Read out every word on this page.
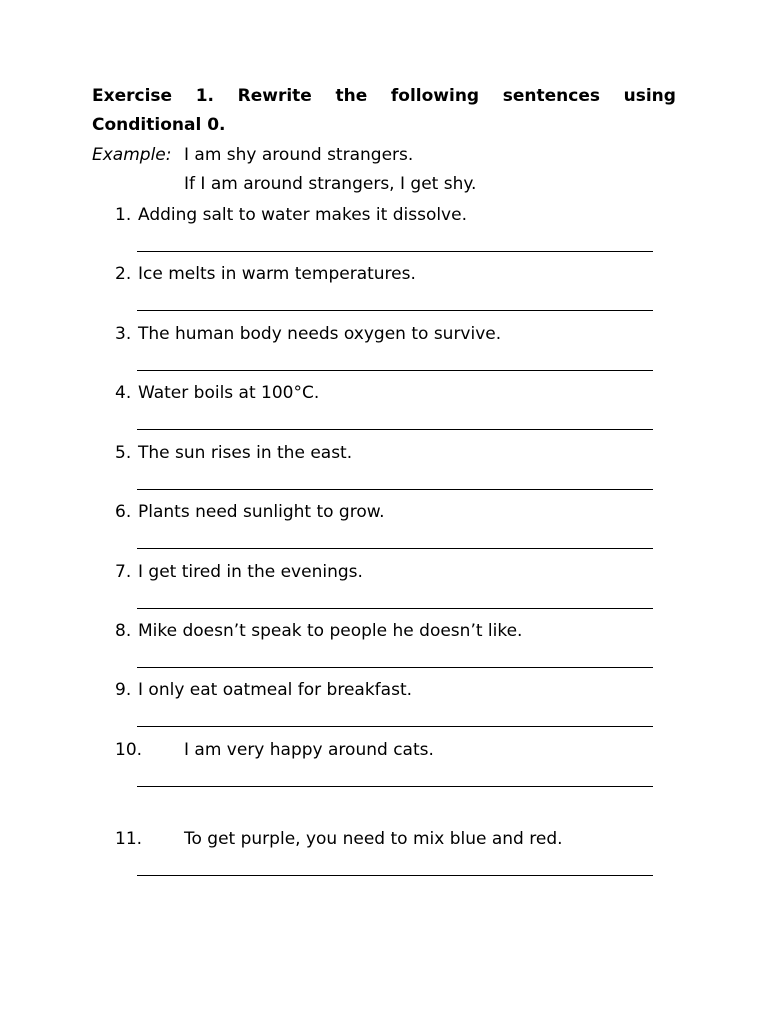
Exercise 1. Rewrite the following sentences using
Conditional 0.
Example: I am shy around strangers.
If I am around strangers, I get shy.
1. Adding salt to water makes it dissolve.
2. Ice melts in warm temperatures.
3. The human body needs oxygen to survive.
4. Water boils at 100°C.
5. The sun rises in the east.
6. Plants need sunlight to grow.
7. I get tired in the evenings.
8. Mike doesn’t speak to people he doesn’t like.
9. I only eat oatmeal for breakfast.
10. I am very happy around cats.
11. To get purple, you need to mix blue and red.
